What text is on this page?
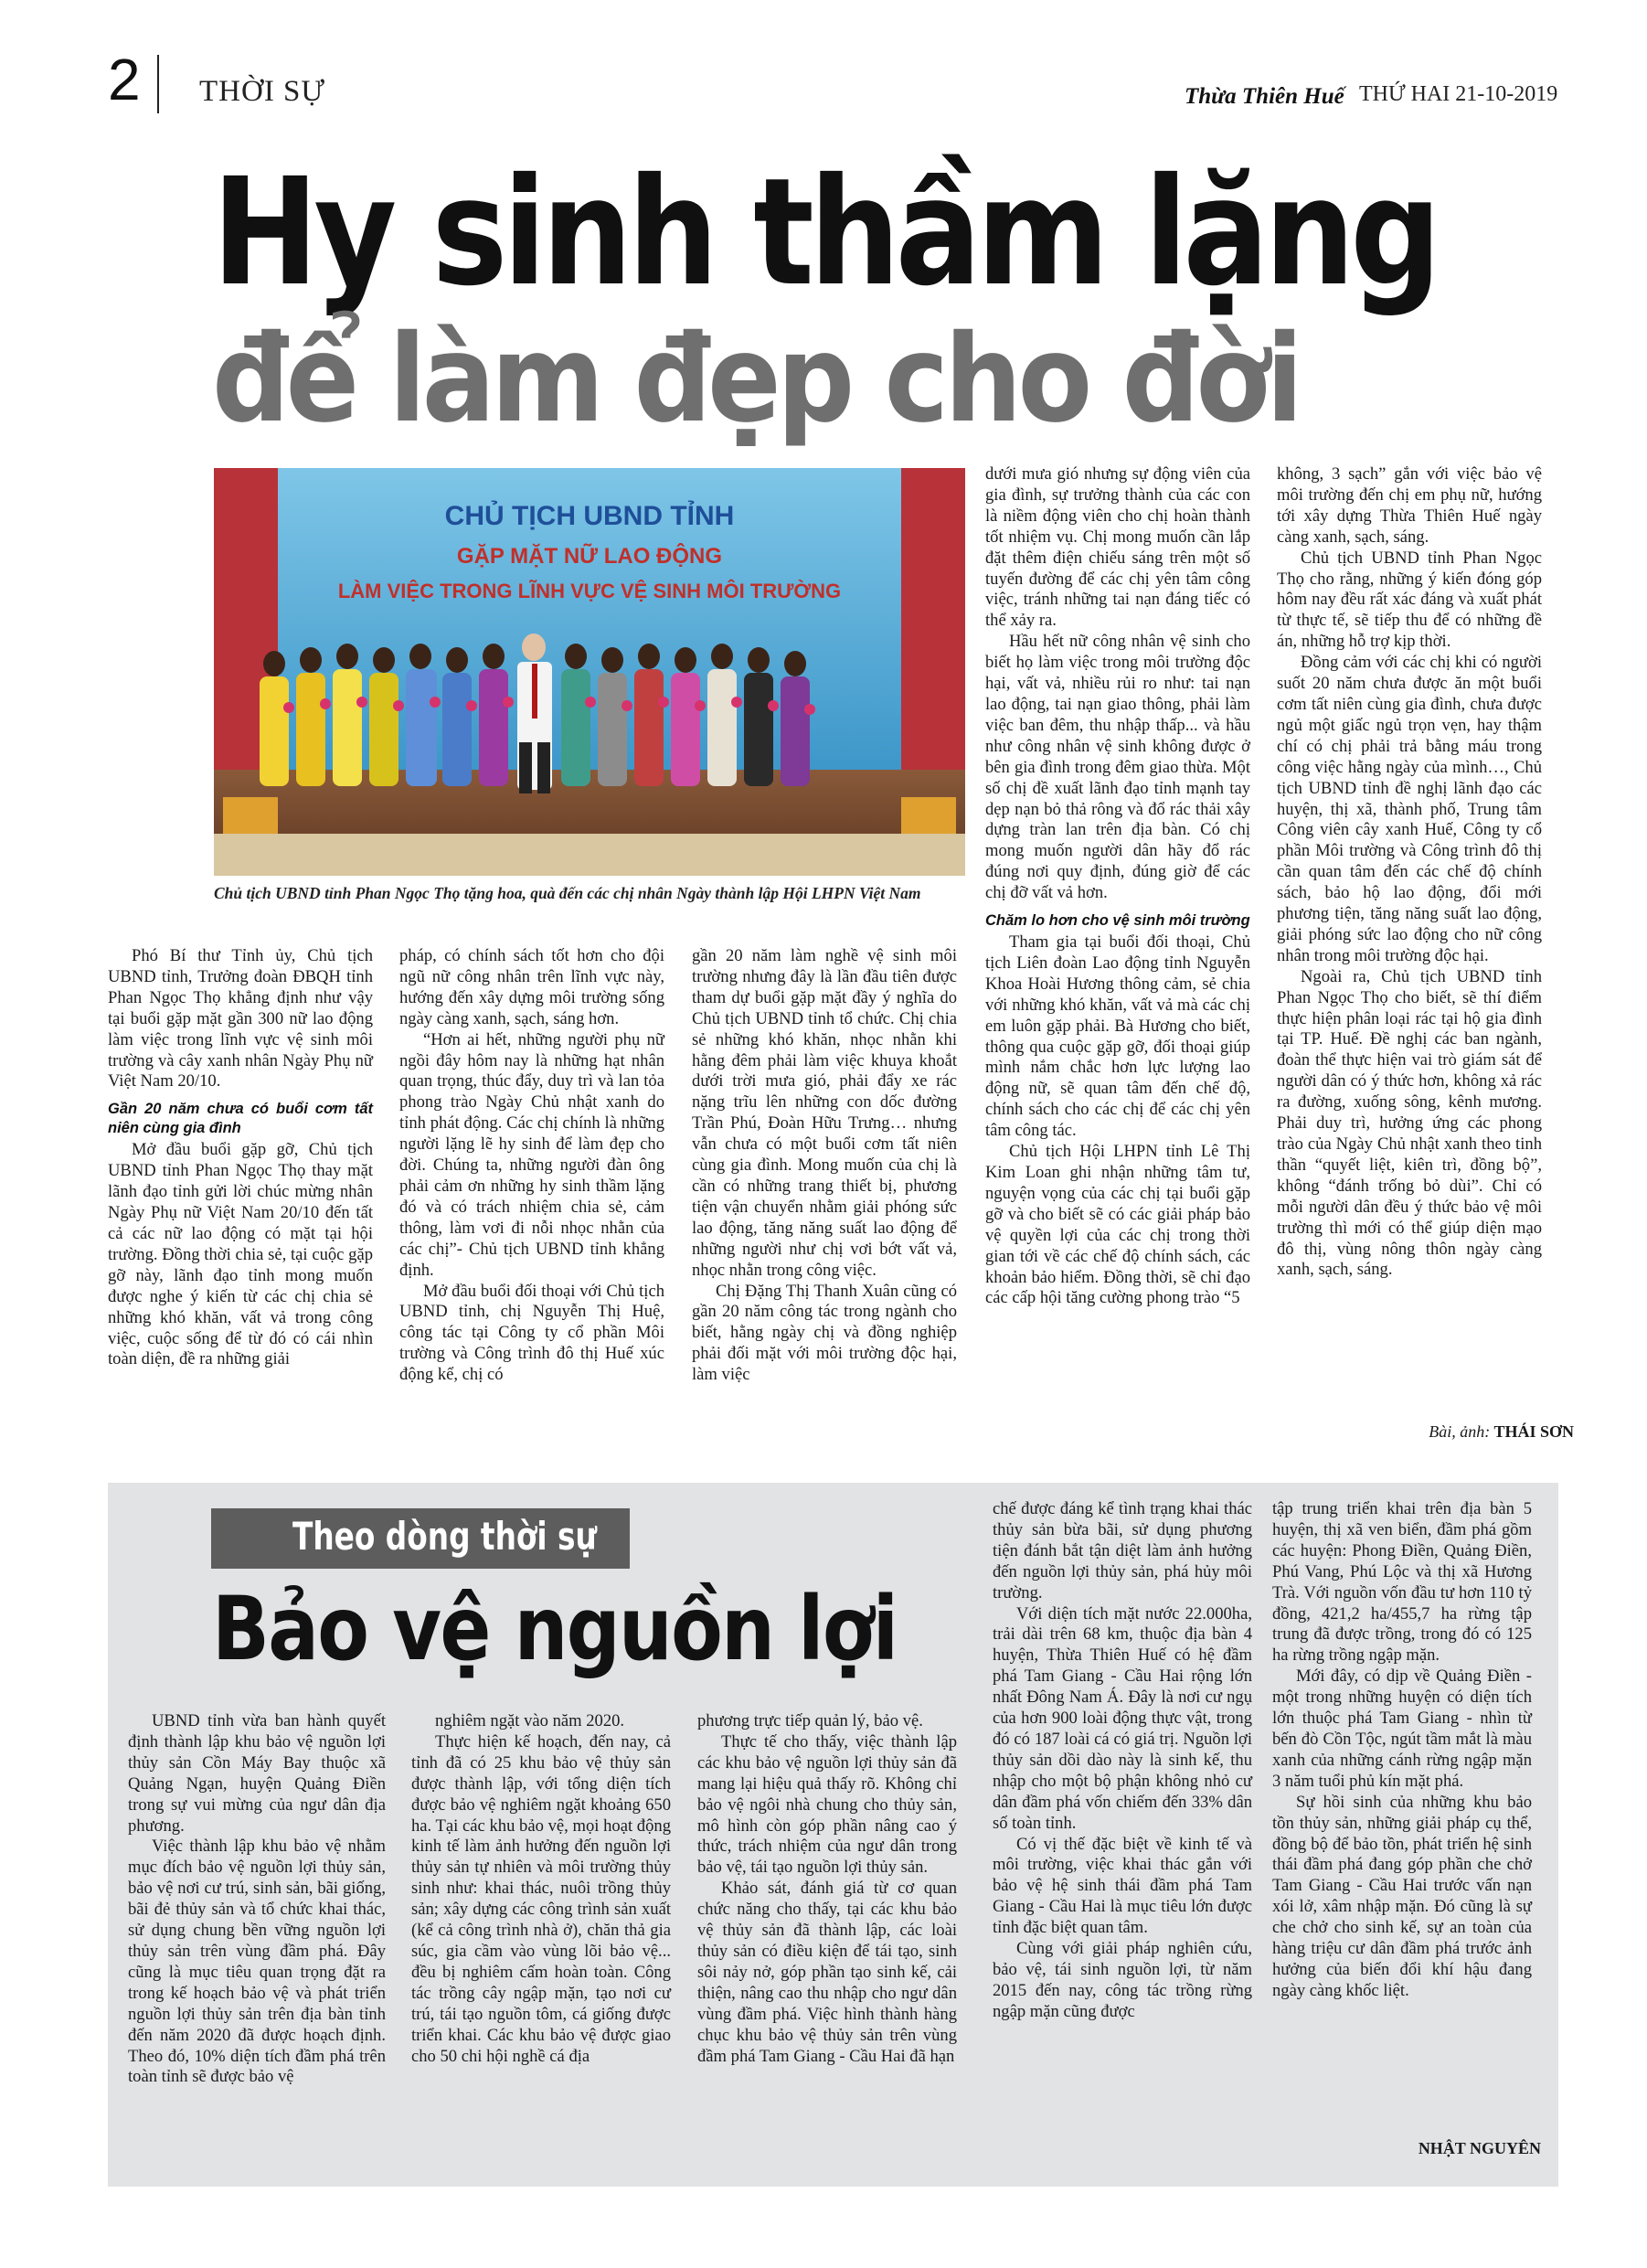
2 THỜI SỰ	Thừa Thiên Huế THỨ HAI 21-10-2019
Hy sinh thầm lặng
để làm đẹp cho đời
CHỦ TỊCH UBND TỈNH
GẶP MẶT NỮ LAO ĐỘNG
LÀM VIỆC TRONG LĨNH VỰC VỆ SINH MÔI TRƯỜNG
Chủ tịch UBND tỉnh Phan Ngọc Thọ tặng hoa, quà đến các chị nhân Ngày thành lập Hội LHPN Việt Nam

Phó Bí thư Tỉnh ủy, Chủ tịch UBND tỉnh, Trưởng đoàn ĐBQH tỉnh Phan Ngọc Thọ khẳng định như vậy tại buổi gặp mặt gần 300 nữ lao động làm việc trong lĩnh vực vệ sinh môi trường và cây xanh nhân Ngày Phụ nữ Việt Nam 20/10.

Gần 20 năm chưa có buổi cơm tất niên cùng gia đình

Mở đầu buổi gặp gỡ, Chủ tịch UBND tỉnh Phan Ngọc Thọ thay mặt lãnh đạo tỉnh gửi lời chúc mừng nhân Ngày Phụ nữ Việt Nam 20/10 đến tất cả các nữ lao động có mặt tại hội trường. Đồng thời chia sẻ, tại cuộc gặp gỡ này, lãnh đạo tỉnh mong muốn được nghe ý kiến từ các chị chia sẻ những khó khăn, vất vả trong công việc, cuộc sống để từ đó có cái nhìn toàn diện, đề ra những giải

pháp, có chính sách tốt hơn cho đội ngũ nữ công nhân trên lĩnh vực này, hướng đến xây dựng môi trường sống ngày càng xanh, sạch, sáng hơn.

“Hơn ai hết, những người phụ nữ ngồi đây hôm nay là những hạt nhân quan trọng, thúc đẩy, duy trì và lan tỏa phong trào Ngày Chủ nhật xanh do tỉnh phát động. Các chị chính là những người lặng lẽ hy sinh để làm đẹp cho đời. Chúng ta, những người đàn ông phải cảm ơn những hy sinh thầm lặng đó và có trách nhiệm chia sẻ, cảm thông, làm vơi đi nỗi nhọc nhằn của các chị”- Chủ tịch UBND tỉnh khẳng định.

Mở đầu buổi đối thoại với Chủ tịch UBND tỉnh, chị Nguyễn Thị Huệ, công tác tại Công ty cổ phần Môi trường và Công trình đô thị Huế xúc động kể, chị có

gần 20 năm làm nghề vệ sinh môi trường nhưng đây là lần đầu tiên được tham dự buổi gặp mặt đầy ý nghĩa do Chủ tịch UBND tỉnh tổ chức. Chị chia sẻ những khó khăn, nhọc nhằn khi hằng đêm phải làm việc khuya khoắt dưới trời mưa gió, phải đẩy xe rác nặng trĩu lên những con dốc đường Trần Phú, Đoàn Hữu Trưng… nhưng vẫn chưa có một buổi cơm tất niên cùng gia đình. Mong muốn của chị là cần có những trang thiết bị, phương tiện vận chuyển nhằm giải phóng sức lao động, tăng năng suất lao động để những người như chị vơi bớt vất vả, nhọc nhằn trong công việc.

Chị Đặng Thị Thanh Xuân cũng có gần 20 năm công tác trong ngành cho biết, hằng ngày chị và đồng nghiệp phải đối mặt với môi trường độc hại, làm việc

dưới mưa gió nhưng sự động viên của gia đình, sự trưởng thành của các con là niềm động viên cho chị hoàn thành tốt nhiệm vụ. Chị mong muốn cần lắp đặt thêm điện chiếu sáng trên một số tuyến đường để các chị yên tâm công việc, tránh những tai nạn đáng tiếc có thể xảy ra.

Hầu hết nữ công nhân vệ sinh cho biết họ làm việc trong môi trường độc hại, vất vả, nhiều rủi ro như: tai nạn lao động, tai nạn giao thông, phải làm việc ban đêm, thu nhập thấp... và hầu như công nhân vệ sinh không được ở bên gia đình trong đêm giao thừa. Một số chị đề xuất lãnh đạo tỉnh mạnh tay dẹp nạn bỏ thả rông và đổ rác thải xây dựng tràn lan trên địa bàn. Có chị mong muốn người dân hãy đổ rác đúng nơi quy định, đúng giờ để các chị đỡ vất vả hơn.

Chăm lo hơn cho vệ sinh môi trường

Tham gia tại buổi đối thoại, Chủ tịch Liên đoàn Lao động tỉnh Nguyễn Khoa Hoài Hương thông cảm, sẻ chia với những khó khăn, vất vả mà các chị em luôn gặp phải. Bà Hương cho biết, thông qua cuộc gặp gỡ, đối thoại giúp mình nắm chắc hơn lực lượng lao động nữ, sẽ quan tâm đến chế độ, chính sách cho các chị để các chị yên tâm công tác.

Chủ tịch Hội LHPN tỉnh Lê Thị Kim Loan ghi nhận những tâm tư, nguyện vọng của các chị tại buổi gặp gỡ và cho biết sẽ có các giải pháp bảo vệ quyền lợi của các chị trong thời gian tới về các chế độ chính sách, các khoản bảo hiểm. Đồng thời, sẽ chỉ đạo các cấp hội tăng cường phong trào “5

không, 3 sạch” gắn với việc bảo vệ môi trường đến chị em phụ nữ, hướng tới xây dựng Thừa Thiên Huế ngày càng xanh, sạch, sáng.

Chủ tịch UBND tỉnh Phan Ngọc Thọ cho rằng, những ý kiến đóng góp hôm nay đều rất xác đáng và xuất phát từ thực tế, sẽ tiếp thu để có những đề án, những hỗ trợ kịp thời.

Đồng cảm với các chị khi có người suốt 20 năm chưa được ăn một buổi cơm tất niên cùng gia đình, chưa được ngủ một giấc ngủ trọn vẹn, hay thậm chí có chị phải trả bằng máu trong công việc hằng ngày của mình…, Chủ tịch UBND tỉnh đề nghị lãnh đạo các huyện, thị xã, thành phố, Trung tâm Công viên cây xanh Huế, Công ty cổ phần Môi trường và Công trình đô thị cần quan tâm đến các chế độ chính sách, bảo hộ lao động, đổi mới phương tiện, tăng năng suất lao động, giải phóng sức lao động cho nữ công nhân trong môi trường độc hại.

Ngoài ra, Chủ tịch UBND tỉnh Phan Ngọc Thọ cho biết, sẽ thí điểm thực hiện phân loại rác tại hộ gia đình tại TP. Huế. Đề nghị các ban ngành, đoàn thể thực hiện vai trò giám sát để người dân có ý thức hơn, không xả rác ra đường, xuống sông, kênh mương. Phải duy trì, hưởng ứng các phong trào của Ngày Chủ nhật xanh theo tinh thần “quyết liệt, kiên trì, đồng bộ”, không “đánh trống bỏ dùi”. Chỉ có mỗi người dân đều ý thức bảo vệ môi trường thì mới có thể giúp diện mạo đô thị, vùng nông thôn ngày càng xanh, sạch, sáng.

Bài, ảnh: THÁI SƠN
Theo dòng thời sự
Bảo vệ nguồn lợi

UBND tỉnh vừa ban hành quyết định thành lập khu bảo vệ nguồn lợi thủy sản Cồn Máy Bay thuộc xã Quảng Ngạn, huyện Quảng Điền trong sự vui mừng của ngư dân địa phương.

Việc thành lập khu bảo vệ nhằm mục đích bảo vệ nguồn lợi thủy sản, bảo vệ nơi cư trú, sinh sản, bãi giống, bãi đẻ thủy sản và tổ chức khai thác, sử dụng chung bền vững nguồn lợi thủy sản trên vùng đầm phá. Đây cũng là mục tiêu quan trọng đặt ra trong kế hoạch bảo vệ và phát triển nguồn lợi thủy sản trên địa bàn tỉnh đến năm 2020 đã được hoạch định. Theo đó, 10% diện tích đầm phá trên toàn tỉnh sẽ được bảo vệ

nghiêm ngặt vào năm 2020.

Thực hiện kế hoạch, đến nay, cả tỉnh đã có 25 khu bảo vệ thủy sản được thành lập, với tổng diện tích được bảo vệ nghiêm ngặt khoảng 650 ha. Tại các khu bảo vệ, mọi hoạt động kinh tế làm ảnh hưởng đến nguồn lợi thủy sản tự nhiên và môi trường thủy sinh như: khai thác, nuôi trồng thủy sản; xây dựng các công trình sản xuất (kể cả công trình nhà ở), chăn thả gia súc, gia cầm vào vùng lõi bảo vệ... đều bị nghiêm cấm hoàn toàn. Công tác trồng cây ngập mặn, tạo nơi cư trú, tái tạo nguồn tôm, cá giống được triển khai. Các khu bảo vệ được giao cho 50 chi hội nghề cá địa

phương trực tiếp quản lý, bảo vệ.

Thực tế cho thấy, việc thành lập các khu bảo vệ nguồn lợi thủy sản đã mang lại hiệu quả thấy rõ. Không chỉ bảo vệ ngôi nhà chung cho thủy sản, mô hình còn góp phần nâng cao ý thức, trách nhiệm của ngư dân trong bảo vệ, tái tạo nguồn lợi thủy sản.

Khảo sát, đánh giá từ cơ quan chức năng cho thấy, tại các khu bảo vệ thủy sản đã thành lập, các loài thủy sản có điều kiện để tái tạo, sinh sôi nảy nở, góp phần tạo sinh kế, cải thiện, nâng cao thu nhập cho ngư dân vùng đầm phá. Việc hình thành hàng chục khu bảo vệ thủy sản trên vùng đầm phá Tam Giang - Cầu Hai đã hạn

chế được đáng kể tình trạng khai thác thủy sản bừa bãi, sử dụng phương tiện đánh bắt tận diệt làm ảnh hưởng đến nguồn lợi thủy sản, phá hủy môi trường.

Với diện tích mặt nước 22.000ha, trải dài trên 68 km, thuộc địa bàn 4 huyện, Thừa Thiên Huế có hệ đầm phá Tam Giang - Cầu Hai rộng lớn nhất Đông Nam Á. Đây là nơi cư ngụ của hơn 900 loài động thực vật, trong đó có 187 loài cá có giá trị. Nguồn lợi thủy sản dồi dào này là sinh kế, thu nhập cho một bộ phận không nhỏ cư dân đầm phá vốn chiếm đến 33% dân số toàn tỉnh.

Có vị thế đặc biệt về kinh tế và môi trường, việc khai thác gắn với bảo vệ hệ sinh thái đầm phá Tam Giang - Cầu Hai là mục tiêu lớn được tỉnh đặc biệt quan tâm.

Cùng với giải pháp nghiên cứu, bảo vệ, tái sinh nguồn lợi, từ năm 2015 đến nay, công tác trồng rừng ngập mặn cũng được

tập trung triển khai trên địa bàn 5 huyện, thị xã ven biển, đầm phá gồm các huyện: Phong Điền, Quảng Điền, Phú Vang, Phú Lộc và thị xã Hương Trà. Với nguồn vốn đầu tư hơn 110 tỷ đồng, 421,2 ha/455,7 ha rừng tập trung đã được trồng, trong đó có 125 ha rừng trồng ngập mặn.

Mới đây, có dịp về Quảng Điền - một trong những huyện có diện tích lớn thuộc phá Tam Giang - nhìn từ bến đò Cồn Tộc, ngút tầm mắt là màu xanh của những cánh rừng ngập mặn 3 năm tuổi phủ kín mặt phá.

Sự hồi sinh của những khu bảo tồn thủy sản, những giải pháp cụ thể, đồng bộ để bảo tồn, phát triển hệ sinh thái đầm phá đang góp phần che chở Tam Giang - Cầu Hai trước vấn nạn xói lở, xâm nhập mặn. Đó cũng là sự che chở cho sinh kế, sự an toàn của hàng triệu cư dân đầm phá trước ảnh hưởng của biến đổi khí hậu đang ngày càng khốc liệt.

NHẬT NGUYÊN
